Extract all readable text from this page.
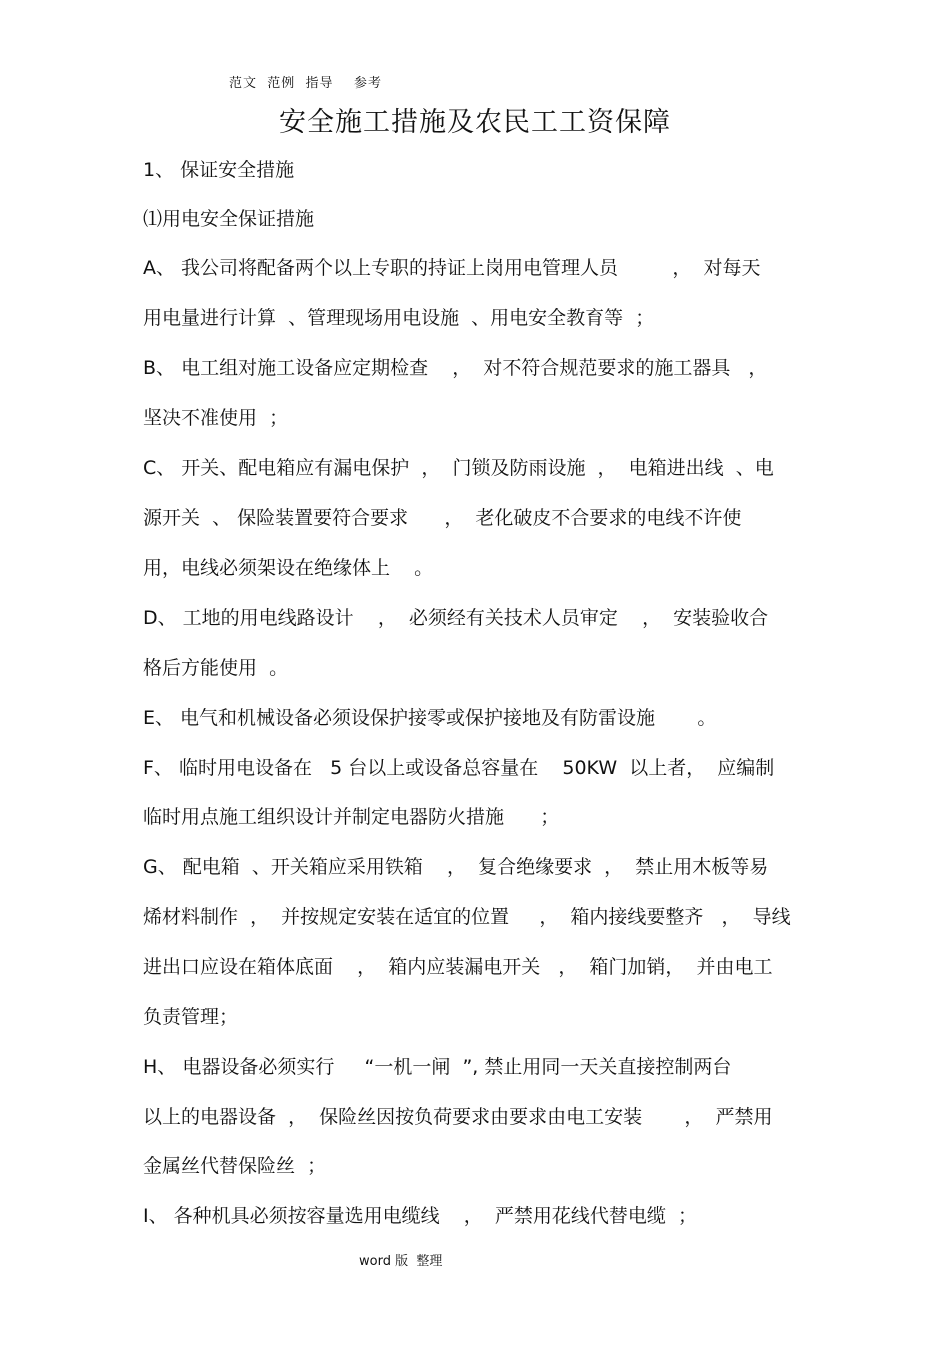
范文  范例  指导    参考
安全施工措施及农民工工资保障
1、 保证安全措施
⑴用电安全保证措施
A、 我公司将配备两个以上专职的持证上岗用电管理人员         ，  对每天
用电量进行计算  、管理现场用电设施  、用电安全教育等  ；
B、 电工组对施工设备应定期检查    ，  对不符合规范要求的施工器具   ，
坚决不准使用  ；
C、 开关、配电箱应有漏电保护  ，  门锁及防雨设施  ，  电箱进出线  、电
源开关  、 保险装置要符合要求      ，  老化破皮不合要求的电线不许使
用，电线必须架设在绝缘体上    。
D、 工地的用电线路设计    ，  必须经有关技术人员审定    ，  安装验收合
格后方能使用  。
E、 电气和机械设备必须设保护接零或保护接地及有防雷设施       。
F、 临时用电设备在   5 台以上或设备总容量在    50KW  以上者，  应编制
临时用点施工组织设计并制定电器防火措施      ；
G、 配电箱  、开关箱应采用铁箱    ，  复合绝缘要求  ，  禁止用木板等易
烯材料制作  ，  并按规定安装在适宜的位置     ，  箱内接线要整齐   ，  导线
进出口应设在箱体底面    ，  箱内应装漏电开关   ，  箱门加销，  并由电工
负责管理；
H、 电器设备必须实行     “一机一闸  ”, 禁止用同一天关直接控制两台
以上的电器设备  ，  保险丝因按负荷要求由要求由电工安装       ，  严禁用
金属丝代替保险丝  ；
I、 各种机具必须按容量选用电缆线    ，  严禁用花线代替电缆  ；
word 版  整理
